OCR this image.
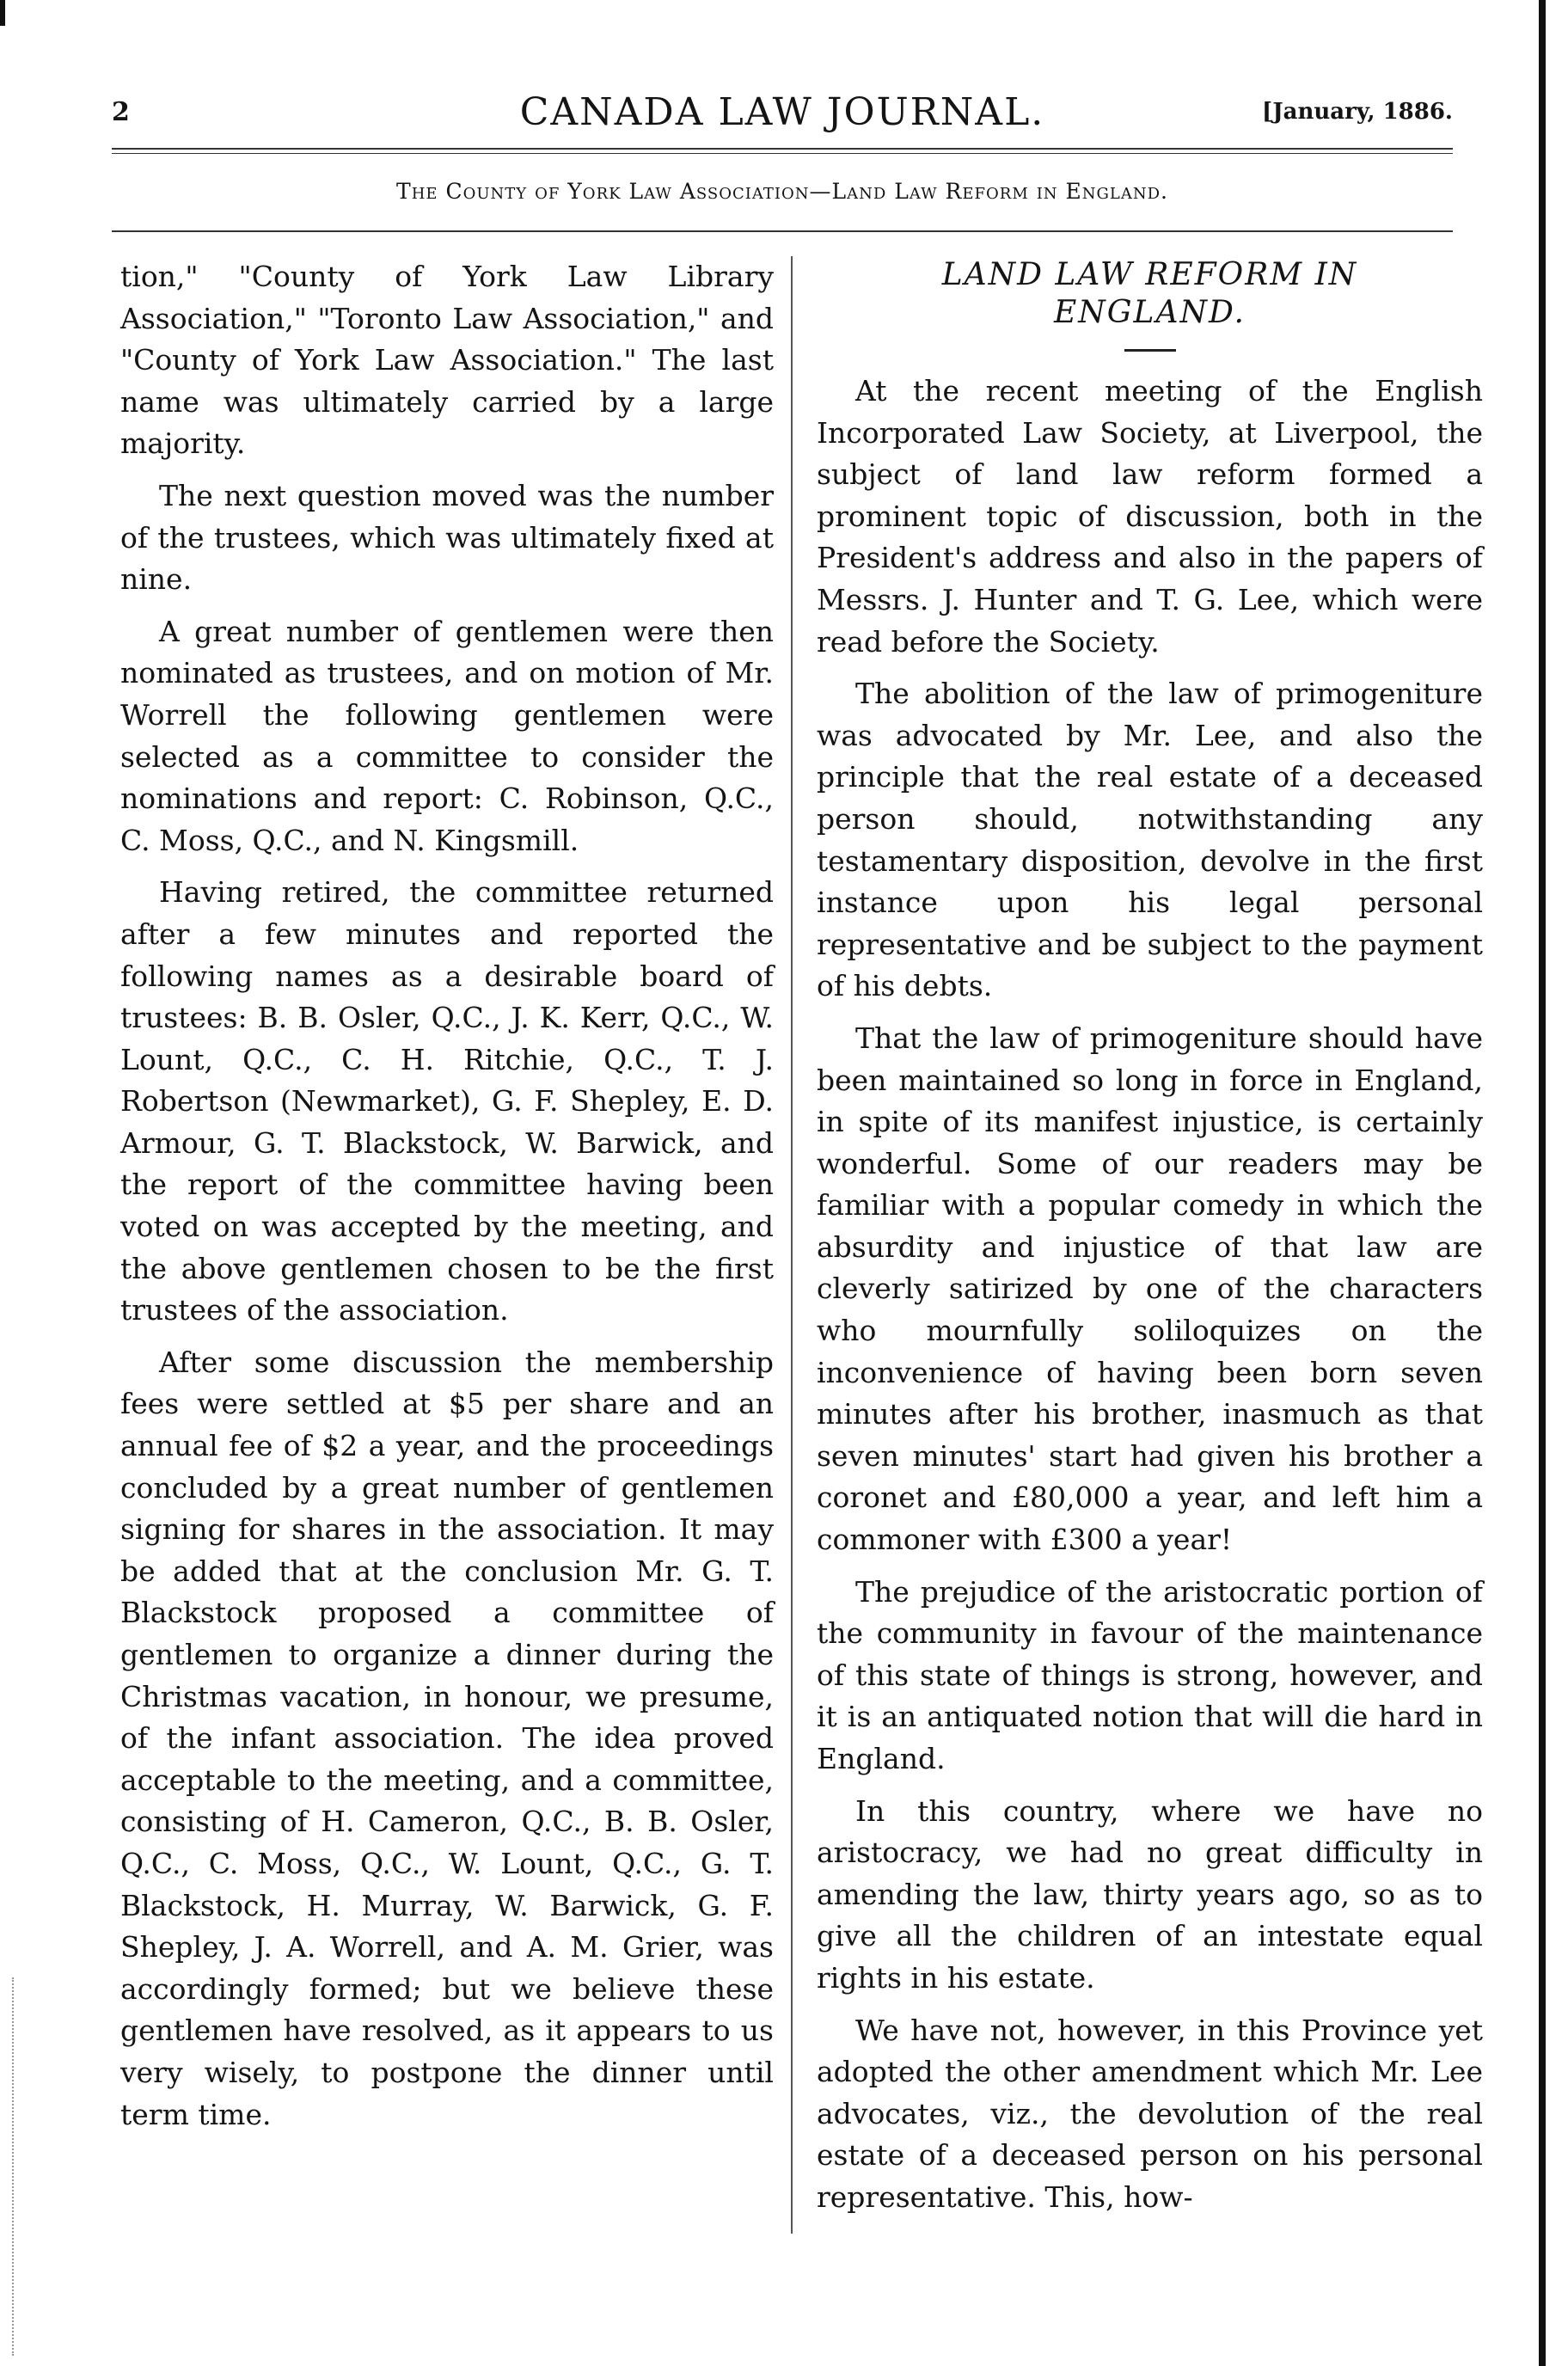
2	CANADA LAW JOURNAL.	[January, 1886.
The County of York Law Association—Land Law Reform in England.

tion," "County of York Law Library Association," "Toronto Law Association," and "County of York Law Association." The last name was ultimately carried by a large majority.

The next question moved was the number of the trustees, which was ultimately fixed at nine.

A great number of gentlemen were then nominated as trustees, and on motion of Mr. Worrell the following gentlemen were selected as a committee to consider the nominations and report: C. Robinson, Q.C., C. Moss, Q.C., and N. Kingsmill.

Having retired, the committee returned after a few minutes and reported the following names as a desirable board of trustees: B. B. Osler, Q.C., J. K. Kerr, Q.C., W. Lount, Q.C., C. H. Ritchie, Q.C., T. J. Robertson (Newmarket), G. F. Shepley, E. D. Armour, G. T. Blackstock, W. Barwick, and the report of the committee having been voted on was accepted by the meeting, and the above gentlemen chosen to be the first trustees of the association.

After some discussion the membership fees were settled at $5 per share and an annual fee of $2 a year, and the proceedings concluded by a great number of gentlemen signing for shares in the association. It may be added that at the conclusion Mr. G. T. Blackstock proposed a committee of gentlemen to organize a dinner during the Christmas vacation, in honour, we presume, of the infant association. The idea proved acceptable to the meeting, and a committee, consisting of H. Cameron, Q.C., B. B. Osler, Q.C., C. Moss, Q.C., W. Lount, Q.C., G. T. Blackstock, H. Murray, W. Barwick, G. F. Shepley, J. A. Worrell, and A. M. Grier, was accordingly formed; but we believe these gentlemen have resolved, as it appears to us very wisely, to postpone the dinner until term time.

LAND LAW REFORM IN
ENGLAND.

At the recent meeting of the English Incorporated Law Society, at Liverpool, the subject of land law reform formed a prominent topic of discussion, both in the President's address and also in the papers of Messrs. J. Hunter and T. G. Lee, which were read before the Society.

The abolition of the law of primogeniture was advocated by Mr. Lee, and also the principle that the real estate of a deceased person should, notwithstanding any testamentary disposition, devolve in the first instance upon his legal personal representative and be subject to the payment of his debts.

That the law of primogeniture should have been maintained so long in force in England, in spite of its manifest injustice, is certainly wonderful. Some of our readers may be familiar with a popular comedy in which the absurdity and injustice of that law are cleverly satirized by one of the characters who mournfully soliloquizes on the inconvenience of having been born seven minutes after his brother, inasmuch as that seven minutes' start had given his brother a coronet and £80,000 a year, and left him a commoner with £300 a year!

The prejudice of the aristocratic portion of the community in favour of the maintenance of this state of things is strong, however, and it is an antiquated notion that will die hard in England.

In this country, where we have no aristocracy, we had no great difficulty in amending the law, thirty years ago, so as to give all the children of an intestate equal rights in his estate.

We have not, however, in this Province yet adopted the other amendment which Mr. Lee advocates, viz., the devolution of the real estate of a deceased person on his personal representative. This, how-
